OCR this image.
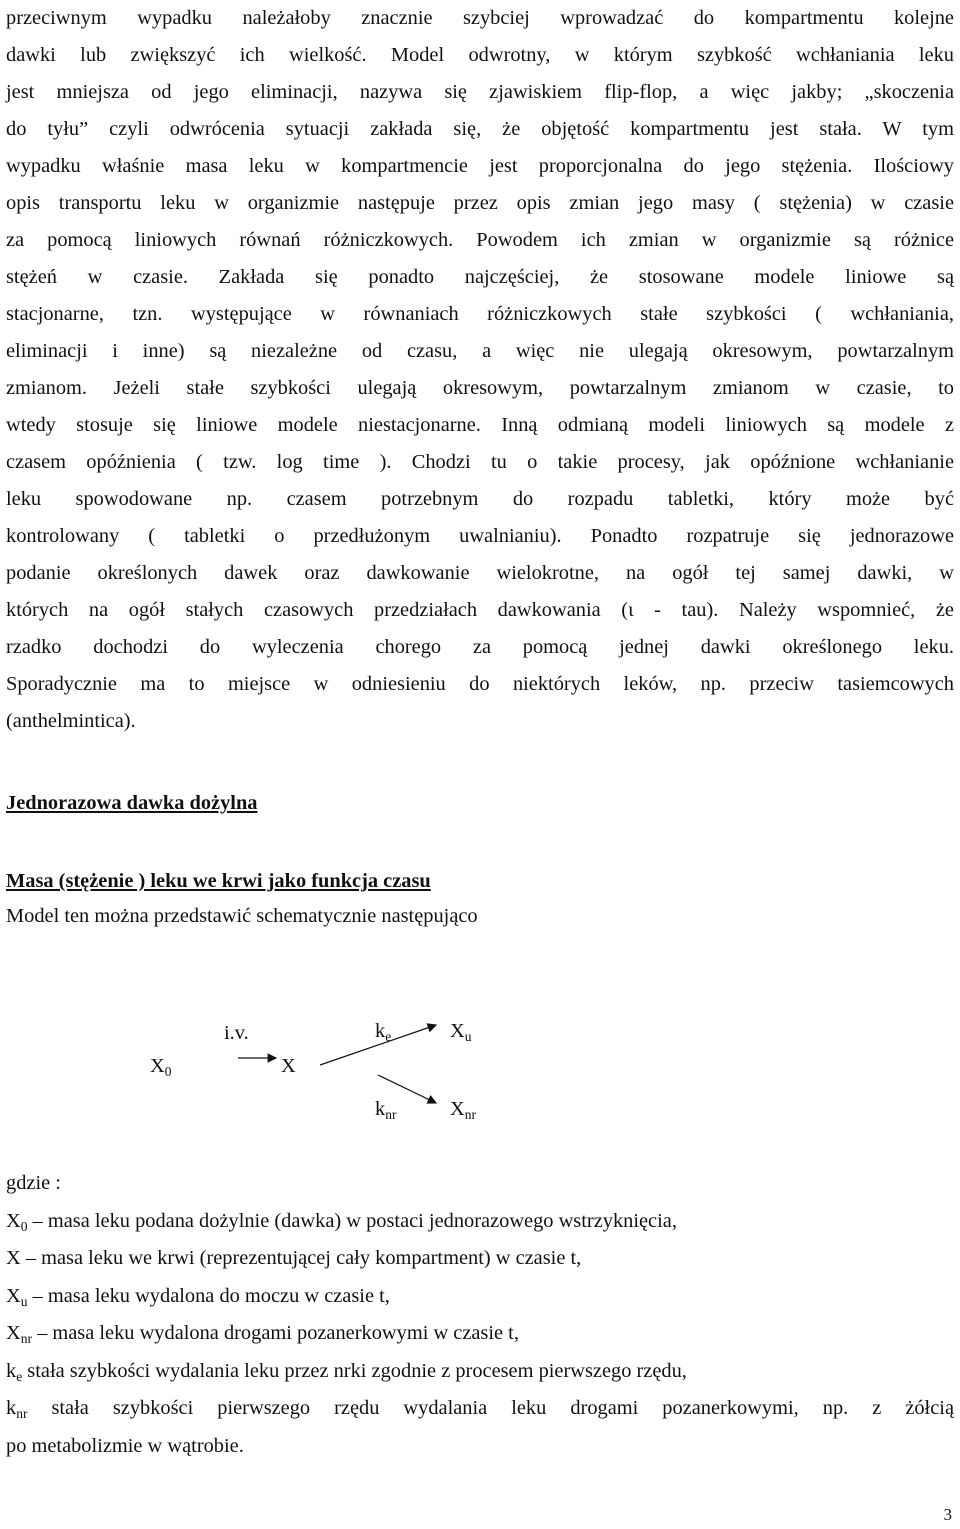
przeciwnym wypadku należałoby znacznie szybciej wprowadzać do kompartmentu kolejne
dawki lub zwiększyć ich wielkość. Model odwrotny, w którym szybkość wchłaniania leku
jest mniejsza od jego eliminacji, nazywa się zjawiskiem flip-flop, a więc jakby; „skoczenia
do tyłu” czyli odwrócenia sytuacji zakłada się, że objętość kompartmentu jest stała. W tym
wypadku właśnie masa leku w kompartmencie jest proporcjonalna do jego stężenia. Ilościowy
opis transportu leku w organizmie następuje przez opis zmian jego masy ( stężenia) w czasie
za pomocą liniowych równań różniczkowych. Powodem ich zmian w organizmie są różnice
stężeń w czasie. Zakłada się ponadto najczęściej, że stosowane modele liniowe są
stacjonarne, tzn. występujące w równaniach różniczkowych stałe szybkości ( wchłaniania,
eliminacji i inne) są niezależne od czasu, a więc nie ulegają okresowym, powtarzalnym
zmianom. Jeżeli stałe szybkości ulegają okresowym, powtarzalnym zmianom w czasie, to
wtedy stosuje się liniowe modele niestacjonarne. Inną odmianą modeli liniowych są modele z
czasem opóźnienia ( tzw. log time ). Chodzi tu o takie procesy, jak opóźnione wchłanianie
leku spowodowane np. czasem potrzebnym do rozpadu tabletki, który może być
kontrolowany ( tabletki o przedłużonym uwalnianiu). Ponadto rozpatruje się jednorazowe
podanie określonych dawek oraz dawkowanie wielokrotne, na ogół tej samej dawki, w
których na ogół stałych czasowych przedziałach dawkowania (ι - tau). Należy wspomnieć, że
rzadko dochodzi do wyleczenia chorego za pomocą jednej dawki określonego leku.
Sporadycznie ma to miejsce w odniesieniu do niektórych leków, np. przeciw tasiemcowych
(anthelmintica).
Jednorazowa dawka dożylna
Masa (stężenie ) leku we krwi jako funkcja czasu
Model ten można przedstawić schematycznie następująco
$X_0$
i.v.
X
$k_e$	$X_u$
$k_{nr}$	$X_{nr}$
gdzie :
$X_0$ – masa leku podana dożylnie (dawka) w postaci jednorazowego wstrzyknięcia,
X – masa leku we krwi (reprezentującej cały kompartment) w czasie t,
$X_u$ – masa leku wydalona do moczu w czasie t,
$X_{nr}$ – masa leku wydalona drogami pozanerkowymi w czasie t,
$k_e$ stała szybkości wydalania leku przez nrki zgodnie z procesem pierwszego rzędu,
$k_{nr}$ stała szybkości pierwszego rzędu wydalania leku drogami pozanerkowymi, np. z żółcią
po metabolizmie w wątrobie.
3
